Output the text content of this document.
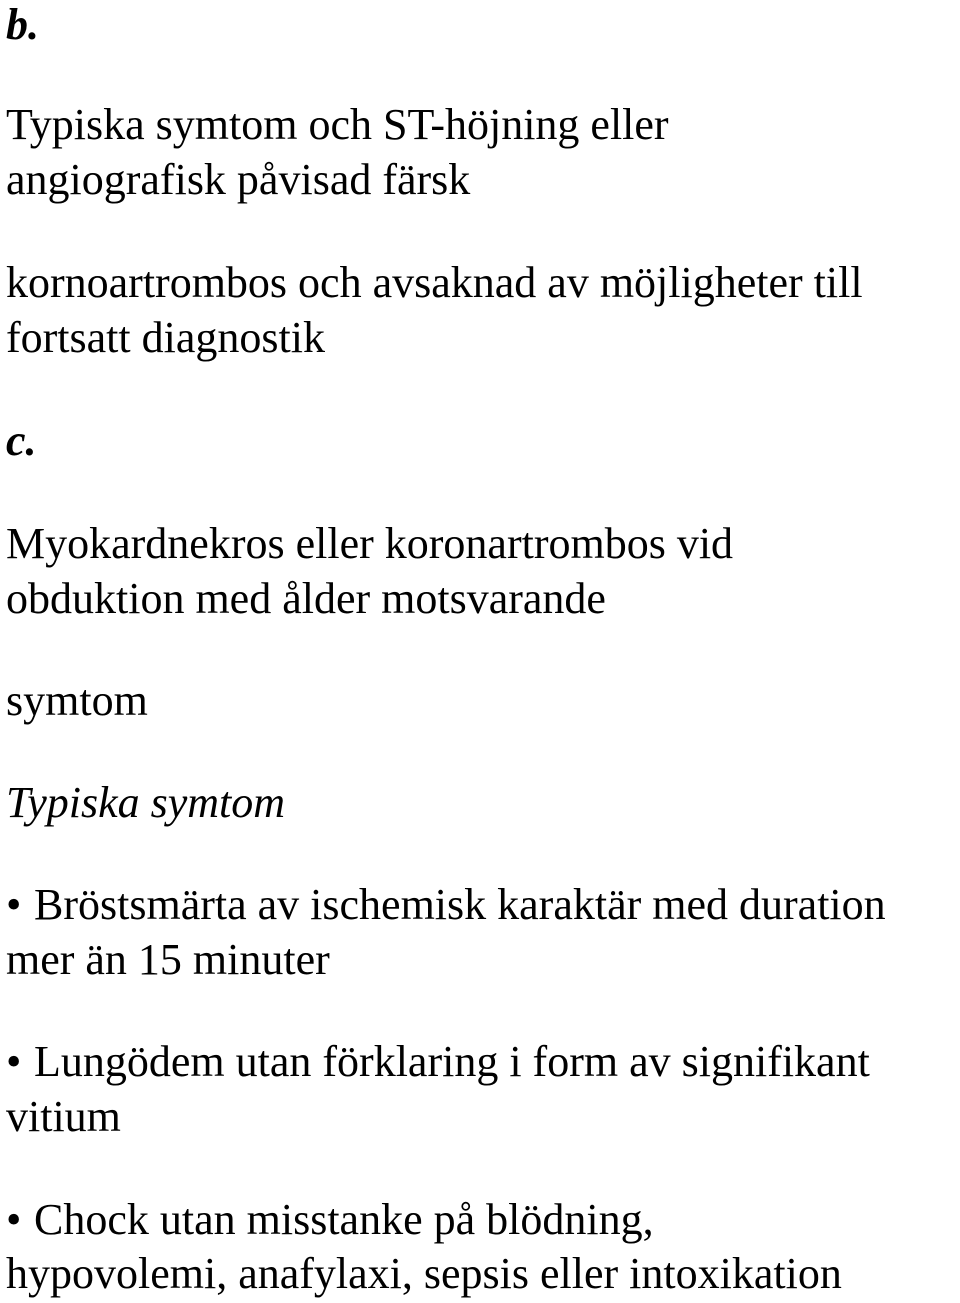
b.
Typiska symtom och ST-höjning eller
angiografisk påvisad färsk
kornoartrombos och avsaknad av möjligheter till
fortsatt diagnostik
c.
Myokardnekros eller koronartrombos vid
obduktion med ålder motsvarande
symtom
Typiska symtom
• Bröstsmärta av ischemisk karaktär med duration
mer än 15 minuter
• Lungödem utan förklaring i form av signifikant
vitium
• Chock utan misstanke på blödning,
hypovolemi, anafylaxi, sepsis eller intoxikation
